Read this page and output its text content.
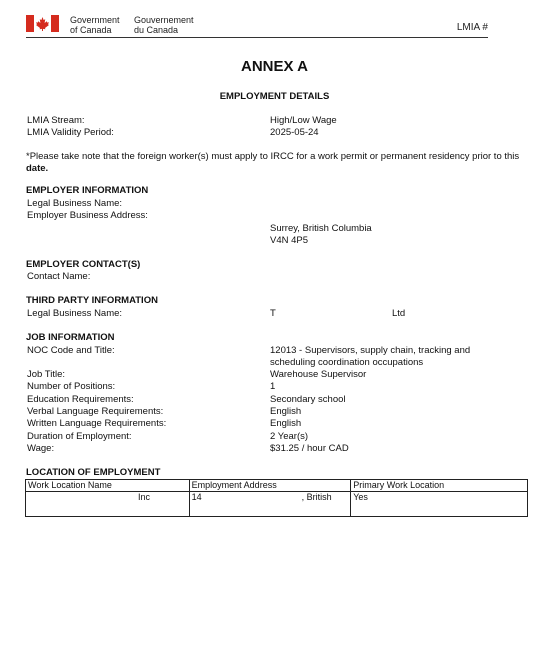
Government
of Canada
Gouvernement
du Canada	LMIA #
ANNEX A
EMPLOYMENT DETAILS
LMIA Stream:	High/Low Wage
LMIA Validity Period:	2025-05-24
*Please take note that the foreign worker(s) must apply to IRCC for a work permit or permanent residency prior to this date.
EMPLOYER INFORMATION
Legal Business Name:
Employer Business Address:
Surrey, British Columbia
V4N 4P5
EMPLOYER CONTACT(S)
Contact Name:
THIRD PARTY INFORMATION
Legal Business Name:	T	Ltd
JOB INFORMATION
NOC Code and Title:	12013 - Supervisors, supply chain, tracking and
scheduling coordination occupations
Job Title:	Warehouse Supervisor
Number of Positions:	1
Education Requirements:	Secondary school
Verbal Language Requirements:	English
Written Language Requirements:	English
Duration of Employment:	2 Year(s)
Wage:	$31.25 / hour CAD
LOCATION OF EMPLOYMENT
Work Location Name	Employment Address	Primary Work Location
Inc	14 , British	Yes
